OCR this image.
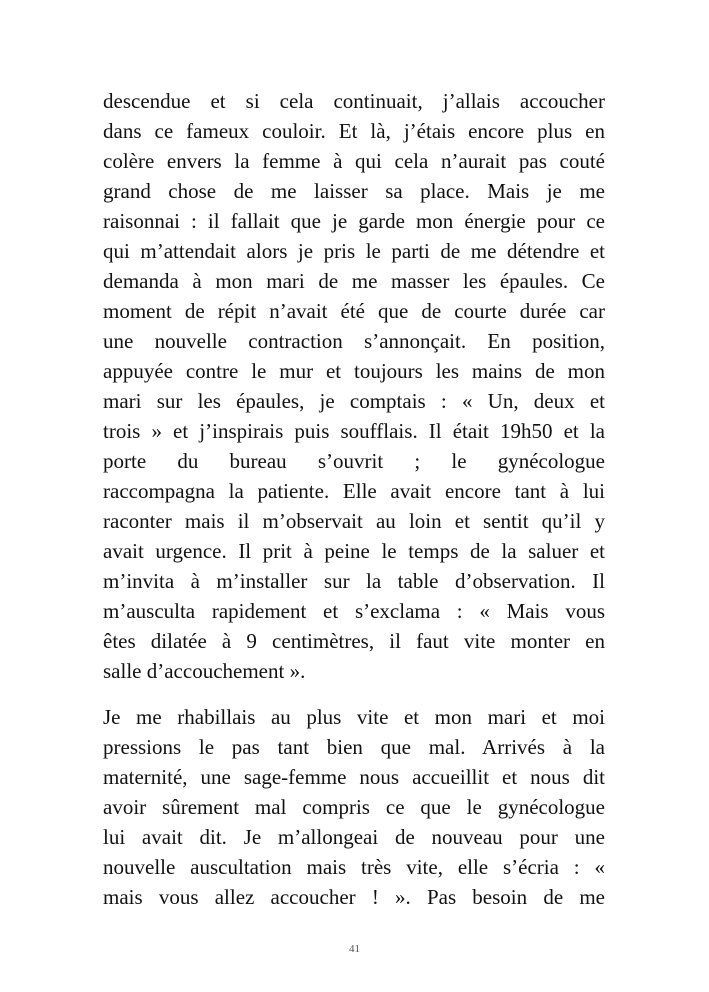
descendue et si cela continuait, j’allais accoucher
dans ce fameux couloir. Et là, j’étais encore plus en
colère envers la femme à qui cela n’aurait pas couté
grand chose de me laisser sa place. Mais je me
raisonnai : il fallait que je garde mon énergie pour ce
qui m’attendait alors je pris le parti de me détendre et
demanda à mon mari de me masser les épaules. Ce
moment de répit n’avait été que de courte durée car
une nouvelle contraction s’annonçait. En position,
appuyée contre le mur et toujours les mains de mon
mari sur les épaules, je comptais : « Un, deux et
trois » et j’inspirais puis soufflais. Il était 19h50 et la
porte du bureau s’ouvrit ; le gynécologue
raccompagna la patiente. Elle avait encore tant à lui
raconter mais il m’observait au loin et sentit qu’il y
avait urgence. Il prit à peine le temps de la saluer et
m’invita à m’installer sur la table d’observation. Il
m’ausculta rapidement et s’exclama : « Mais vous
êtes dilatée à 9 centimètres, il faut vite monter en
salle d’accouchement ».
Je me rhabillais au plus vite et mon mari et moi
pressions le pas tant bien que mal. Arrivés à la
maternité, une sage-femme nous accueillit et nous dit
avoir sûrement mal compris ce que le gynécologue
lui avait dit. Je m’allongeai de nouveau pour une
nouvelle auscultation mais très vite, elle s’écria : «
mais vous allez accoucher ! ». Pas besoin de me
41
